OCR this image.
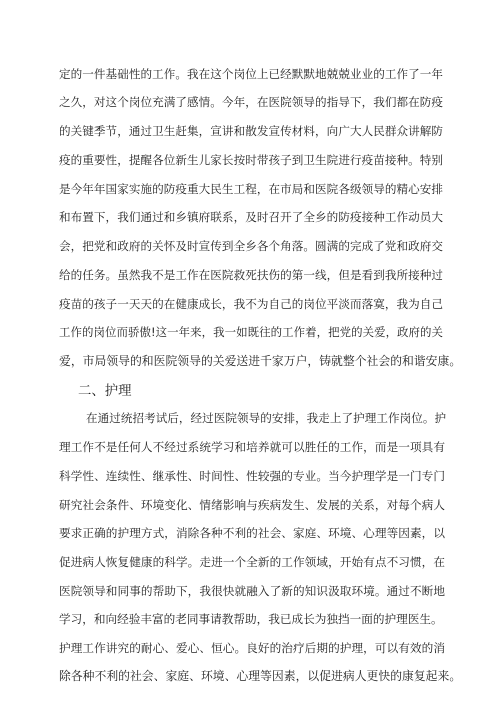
定的一件基础性的工作。我在这个岗位上已经默默地兢兢业业的工作了一年
之久，对这个岗位充满了感情。今年，在医院领导的指导下，我们都在防疫
的关键季节，通过卫生赶集，宣讲和散发宣传材料，向广大人民群众讲解防
疫的重要性，提醒各位新生儿家长按时带孩子到卫生院进行疫苗接种。特别
是今年年国家实施的防疫重大民生工程，在市局和医院各级领导的精心安排
和布置下，我们通过和乡镇府联系，及时召开了全乡的防疫接种工作动员大
会，把党和政府的关怀及时宣传到全乡各个角落。圆满的完成了党和政府交
给的任务。虽然我不是工作在医院救死扶伤的第一线，但是看到我所接种过
疫苗的孩子一天天的在健康成长，我不为自己的岗位平淡而落寞，我为自己
工作的岗位而骄傲!这一年来，我一如既往的工作着，把党的关爱，政府的关
爱，市局领导的和医院领导的关爱送进千家万户，铸就整个社会的和谐安康。
二、护理
在通过统招考试后，经过医院领导的安排，我走上了护理工作岗位。护
理工作不是任何人不经过系统学习和培养就可以胜任的工作，而是一项具有
科学性、连续性、继承性、时间性、性较强的专业。当今护理学是一门专门
研究社会条件、环境变化、情绪影响与疾病发生、发展的关系，对每个病人
要求正确的护理方式，消除各种不利的社会、家庭、环境、心理等因素，以
促进病人恢复健康的科学。走进一个全新的工作领域，开始有点不习惯，在
医院领导和同事的帮助下，我很快就融入了新的知识汲取环境。通过不断地
学习，和向经验丰富的老同事请教帮助，我已成长为独挡一面的护理医生。
护理工作讲究的耐心、爱心、恒心。良好的治疗后期的护理，可以有效的消
除各种不利的社会、家庭、环境、心理等因素，以促进病人更快的康复起来。
